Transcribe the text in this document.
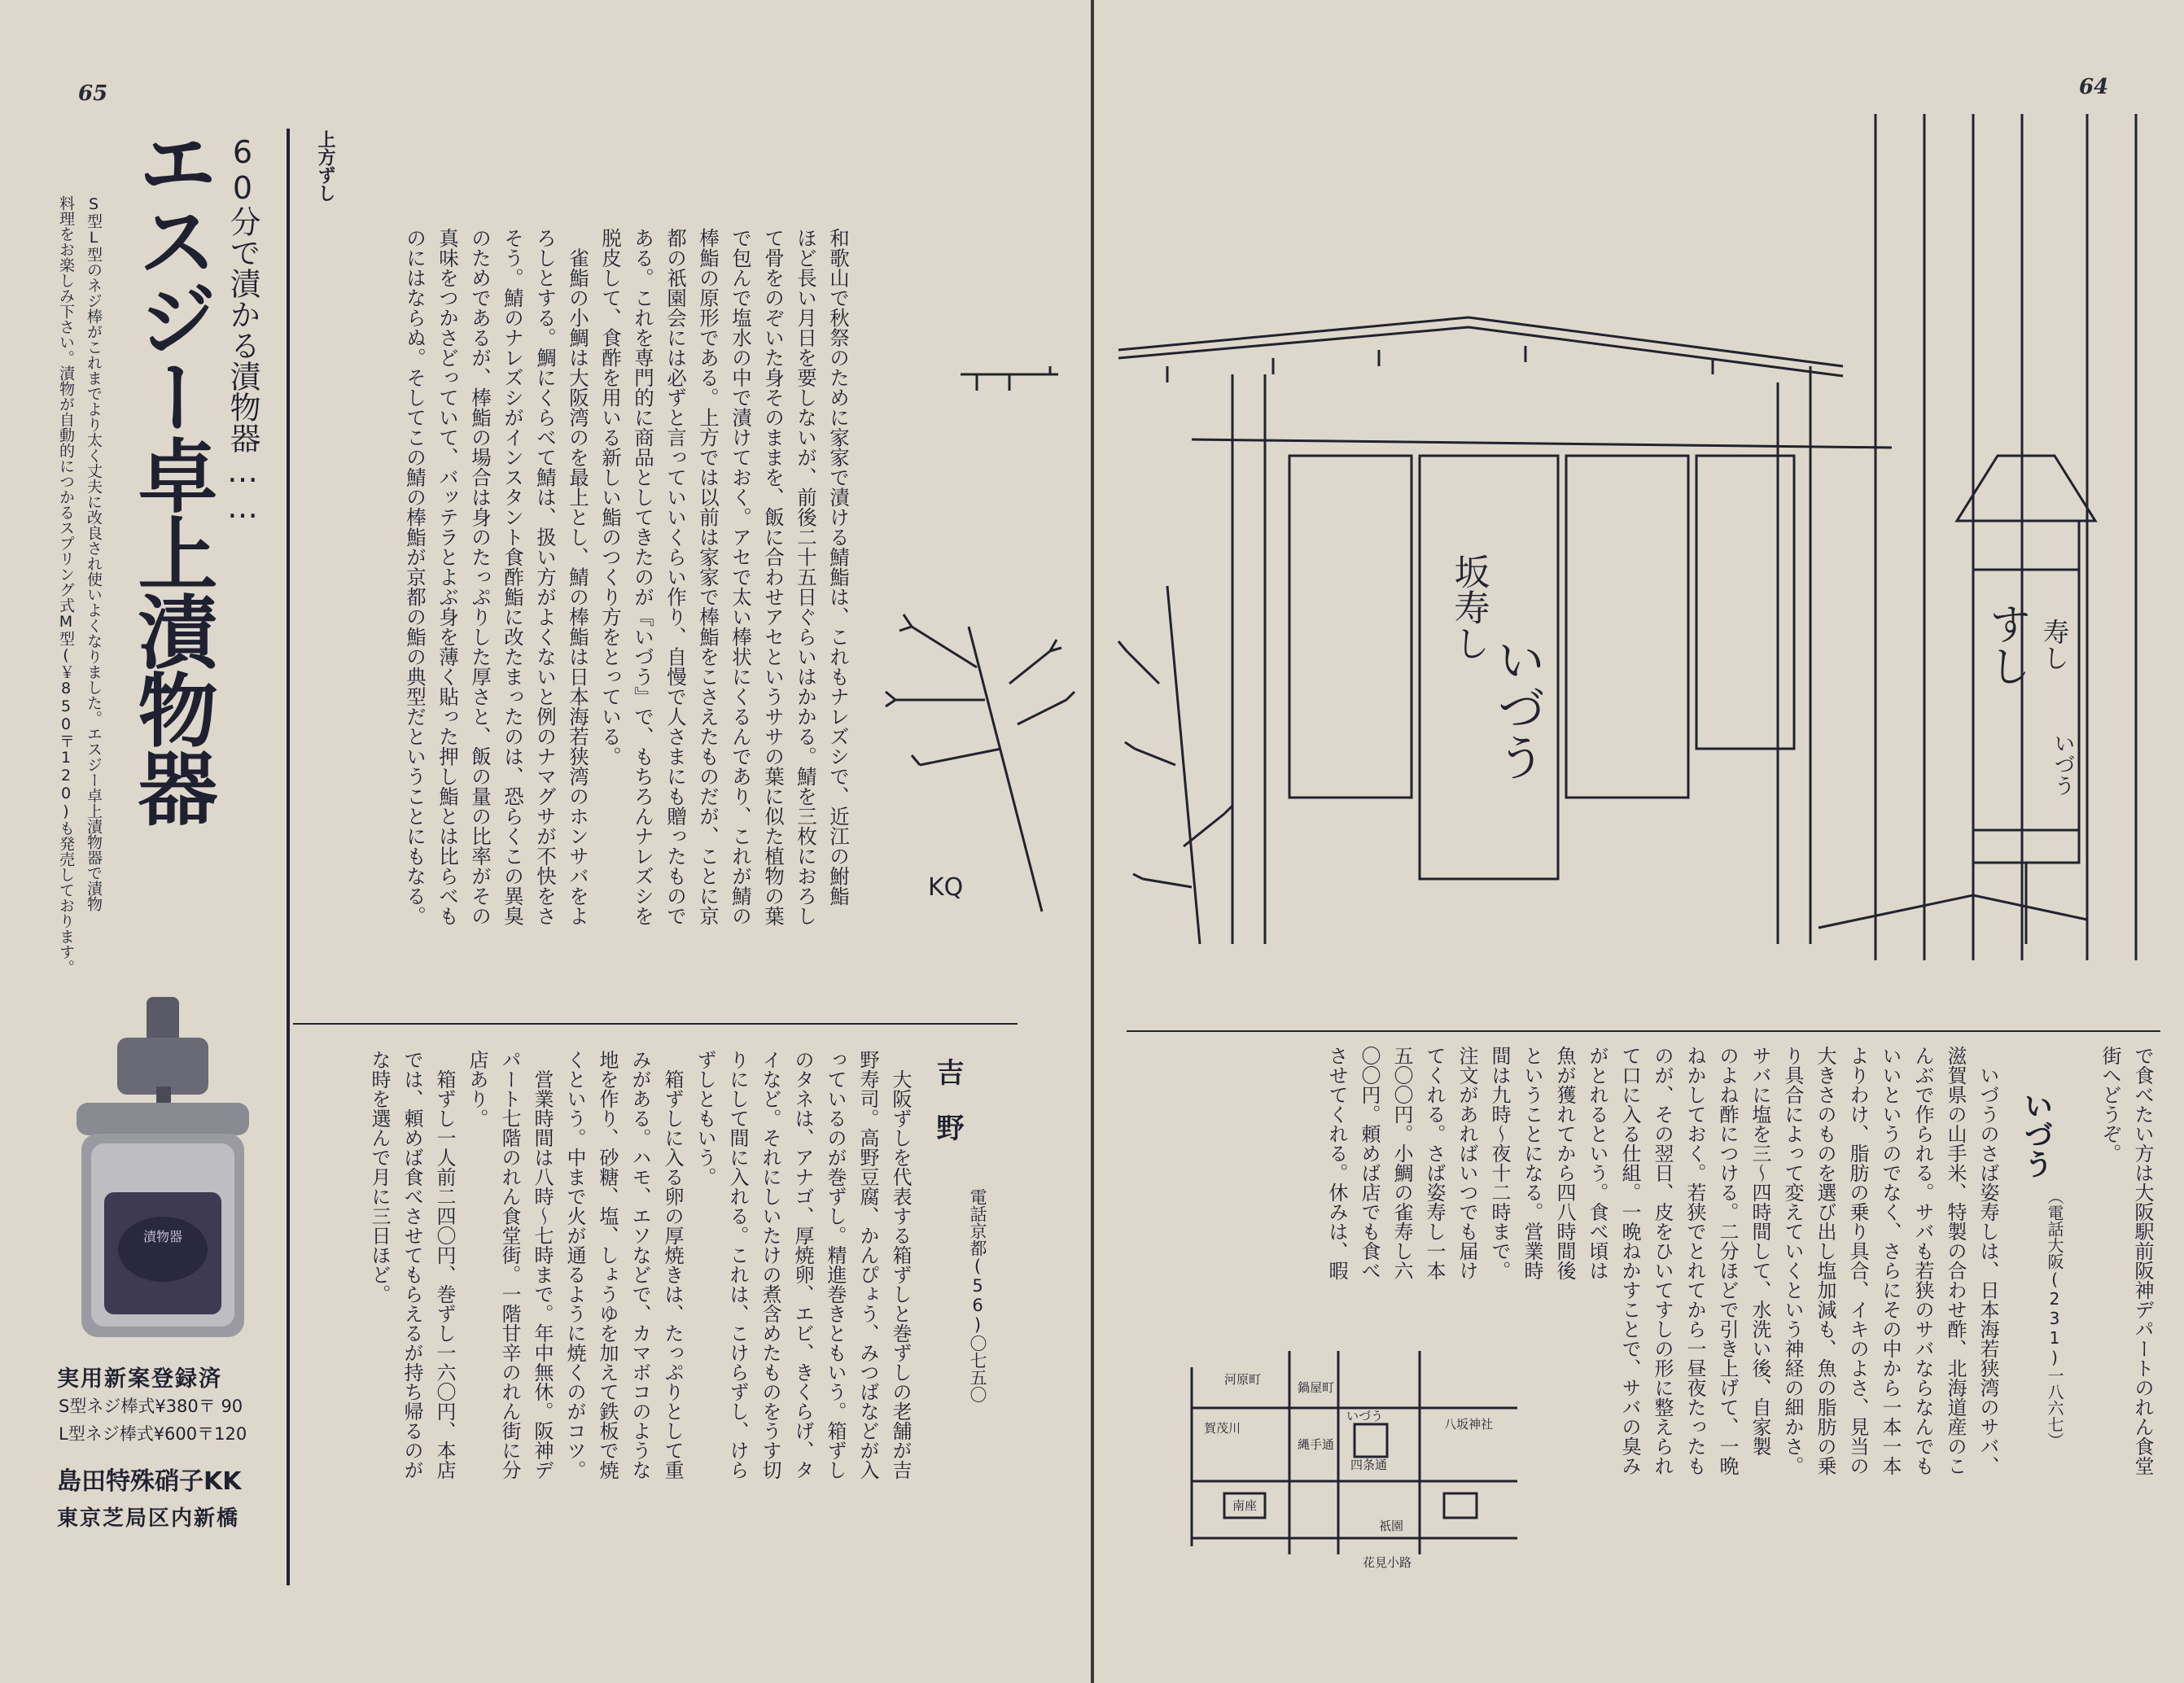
65
60分で漬かる漬物器……
エスジー卓上漬物器
S型L型のネジ棒がこれまでより太く丈夫に改良され使いよくなりました。エスジー卓上漬物器で漬物
料理をお楽しみ下さい。漬物が自動的につかるスプリング式M型(￥850〒120)も発売しております。
漬物器
実用新案登録済
S型ネジ棒式¥380〒 90
L型ネジ棒式¥600〒120
島田特殊硝子KK
東京芝局区内新橋
上方ずし

和歌山で秋祭のために家家で漬ける鯖鮨は、これもナレズシで、近江の鮒鮨

ほど長い月日を要しないが、前後二十五日ぐらいはかかる。鯖を三枚におろし

て骨をのぞいた身そのままを、飯に合わせアセというササの葉に似た植物の葉

で包んで塩水の中で漬けておく。アセで太い棒状にくるんであり、これが鯖の

棒鮨の原形である。上方では以前は家家で棒鮨をこさえたものだが、ことに京

都の祇園会には必ずと言っていいくらい作り、自慢で人さまにも贈ったもので

ある。これを専門的に商品としてきたのが『いづう』で、もちろんナレズシを

脱皮して、食酢を用いる新しい鮨のつくり方をとっている。

　雀鮨の小鯛は大阪湾のを最上とし、鯖の棒鮨は日本海若狭湾のホンサバをよ

ろしとする。鯛にくらべて鯖は、扱い方がよくないと例のナマグサが不快をさ

そう。鯖のナレズシがインスタント食酢鮨に改たまったのは、恐らくこの異臭

のためであるが、棒鮨の場合は身のたっぷりした厚さと、飯の量の比率がその

真味をつかさどっていて、バッテラとよぶ身を薄く貼った押し鮨とは比らべも

のにはならぬ。そしてこの鯖の棒鮨が京都の鮨の典型だということにもなる。	KQ
吉　野
電話京都(56)〇七五〇

　大阪ずしを代表する箱ずしと巻ずしの老舗が吉

野寿司。高野豆腐、かんぴょう、みつばなどが入

っているのが巻ずし。精進巻きともいう。箱ずし

のタネは、アナゴ、厚焼卵、エビ、きくらげ、タ

イなど。それにしいたけの煮含めたものをうす切

りにして間に入れる。これは、こけらずし、けら

ずしともいう。

　箱ずしに入る卵の厚焼きは、たっぷりとして重

みがある。ハモ、エソなどで、カマボコのような

地を作り、砂糖、塩、しょうゆを加えて鉄板で焼

くという。中まで火が通るように焼くのがコツ。

　営業時間は八時〜七時まで。年中無休。阪神デ

パート七階のれん食堂街。一階甘辛のれん街に分

店あり。

　箱ずし一人前二四〇円、巻ずし一六〇円、本店

では、頼めば食べさせてもらえるが持ち帰るのが

な時を選んで月に三日ほど。

64
坂寿し
いづう	すし 寿し
いづう
いづう
（電話大阪(231)一八六七）	で食べたい方は大阪駅前阪神デパートのれん食堂

街へどうぞ。

　いづうのさば姿寿しは、日本海若狭湾のサバ、

滋賀県の山手米、特製の合わせ酢、北海道産のこ

んぶで作られる。サバも若狭のサバならなんでも

いいというのでなく、さらにその中から一本一本

よりわけ、脂肪の乗り具合、イキのよさ、見当の

大きさのものを選び出し塩加減も、魚の脂肪の乗

り具合によって変えていくという神経の細かさ。

サバに塩を三〜四時間して、水洗い後、自家製

のよね酢につける。二分ほどで引き上げて、一晩

ねかしておく。若狭でとれてから一昼夜たったも

のが、その翌日、皮をひいてすしの形に整えられ

て口に入る仕組。一晩ねかすことで、サバの臭み

がとれるという。食べ頃は

魚が獲れてから四八時間後

ということになる。営業時

間は九時〜夜十二時まで。

注文があればいつでも届け

てくれる。さば姿寿し一本

五〇〇円。小鯛の雀寿し六

〇〇円。頼めば店でも食べ

させてくれる。休みは、暇

河原町
鍋屋町
四条通
いづう
八坂神社
祇園
花見小路
南座
賀茂川
縄手通
